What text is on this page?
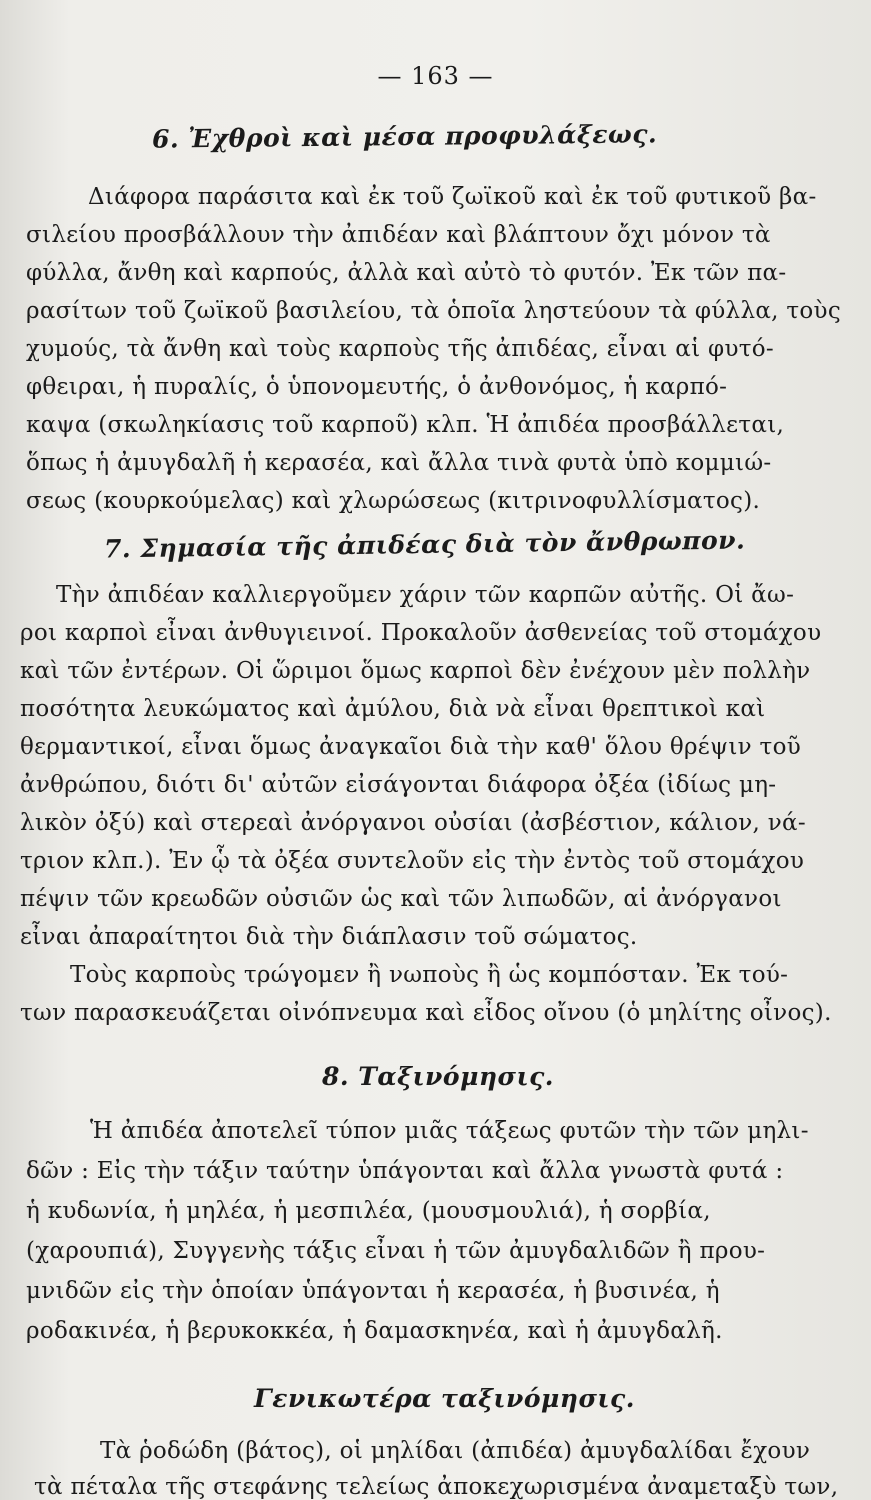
— 163 —
6. Ἐχθροὶ καὶ μέσα προφυλάξεως.
Διάφορα παράσιτα καὶ ἐκ τοῦ ζωϊκοῦ καὶ ἐκ τοῦ φυτικοῦ βα-
σιλείου προσβάλλουν τὴν ἀπιδέαν καὶ βλάπτουν ὄχι μόνον τὰ
φύλλα, ἄνθη καὶ καρπούς, ἀλλὰ καὶ αὐτὸ τὸ φυτόν. Ἐκ τῶν πα-
ρασίτων τοῦ ζωϊκοῦ βασιλείου, τὰ ὁποῖα ληστεύουν τὰ φύλλα, τοὺς
χυμούς, τὰ ἄνθη καὶ τοὺς καρποὺς τῆς ἀπιδέας, εἶναι αἱ φυτό-
φθειραι, ἡ πυραλίς, ὁ ὑπονομευτής, ὁ ἀνθονόμος, ἡ καρπό-
καψα (σκωληκίασις τοῦ καρποῦ) κλπ. Ἡ ἀπιδέα προσβάλλεται,
ὅπως ἡ ἀμυγδαλῆ ἡ κερασέα, καὶ ἄλλα τινὰ φυτὰ ὑπὸ κομμιώ-
σεως (κουρκούμελας) καὶ χλωρώσεως (κιτρινοφυλλίσματος).
7. Σημασία τῆς ἀπιδέας διὰ τὸν ἄνθρωπον.
Τὴν ἀπιδέαν καλλιεργοῦμεν χάριν τῶν καρπῶν αὐτῆς. Οἱ ἄω-
ροι καρποὶ εἶναι ἀνθυγιεινοί. Προκαλοῦν ἀσθενείας τοῦ στομάχου
καὶ τῶν ἐντέρων. Οἱ ὥριμοι ὅμως καρποὶ δὲν ἐνέχουν μὲν πολλὴν
ποσότητα λευκώματος καὶ ἀμύλου, διὰ νὰ εἶναι θρεπτικοὶ καὶ
θερμαντικοί, εἶναι ὅμως ἀναγκαῖοι διὰ τὴν καθ' ὅλου θρέψιν τοῦ
ἀνθρώπου, διότι δι' αὐτῶν εἰσάγονται διάφορα ὀξέα (ἰδίως μη-
λικὸν ὀξύ) καὶ στερεαὶ ἀνόργανοι οὐσίαι (ἀσβέστιον, κάλιον, νά-
τριον κλπ.). Ἐν ᾧ τὰ ὀξέα συντελοῦν εἰς τὴν ἐντὸς τοῦ στομάχου
πέψιν τῶν κρεωδῶν οὐσιῶν ὡς καὶ τῶν λιπωδῶν, αἱ ἀνόργανοι
εἶναι ἀπαραίτητοι διὰ τὴν διάπλασιν τοῦ σώματος.
Τοὺς καρποὺς τρώγομεν ἢ νωποὺς ἢ ὡς κομπόσταν. Ἐκ τού-
των παρασκευάζεται οἰνόπνευμα καὶ εἶδος οἴνου (ὁ μηλίτης οἶνος).
8. Ταξινόμησις.
Ἡ ἀπιδέα ἀποτελεῖ τύπον μιᾶς τάξεως φυτῶν τὴν τῶν μηλι-
δῶν : Εἰς τὴν τάξιν ταύτην ὑπάγονται καὶ ἄλλα γνωστὰ φυτά :
ἡ κυδωνία, ἡ μηλέα, ἡ μεσπιλέα, (μουσμουλιά), ἡ σορβία,
(χαρουπιά), Συγγενὴς τάξις εἶναι ἡ τῶν ἀμυγδαλιδῶν ἢ πρου-
μνιδῶν εἰς τὴν ὁποίαν ὑπάγονται ἡ κερασέα, ἡ βυσινέα, ἡ
ροδακινέα, ἡ βερυκοκκέα, ἡ δαμασκηνέα, καὶ ἡ ἀμυγδαλῆ.
Γενικωτέρα ταξινόμησις.
Τὰ ῥοδώδη (βάτος), οἱ μηλίδαι (ἀπιδέα) ἀμυγδαλίδαι ἔχουν
τὰ πέταλα τῆς στεφάνης τελείως ἀποκεχωρισμένα ἀναμεταξὺ των,
